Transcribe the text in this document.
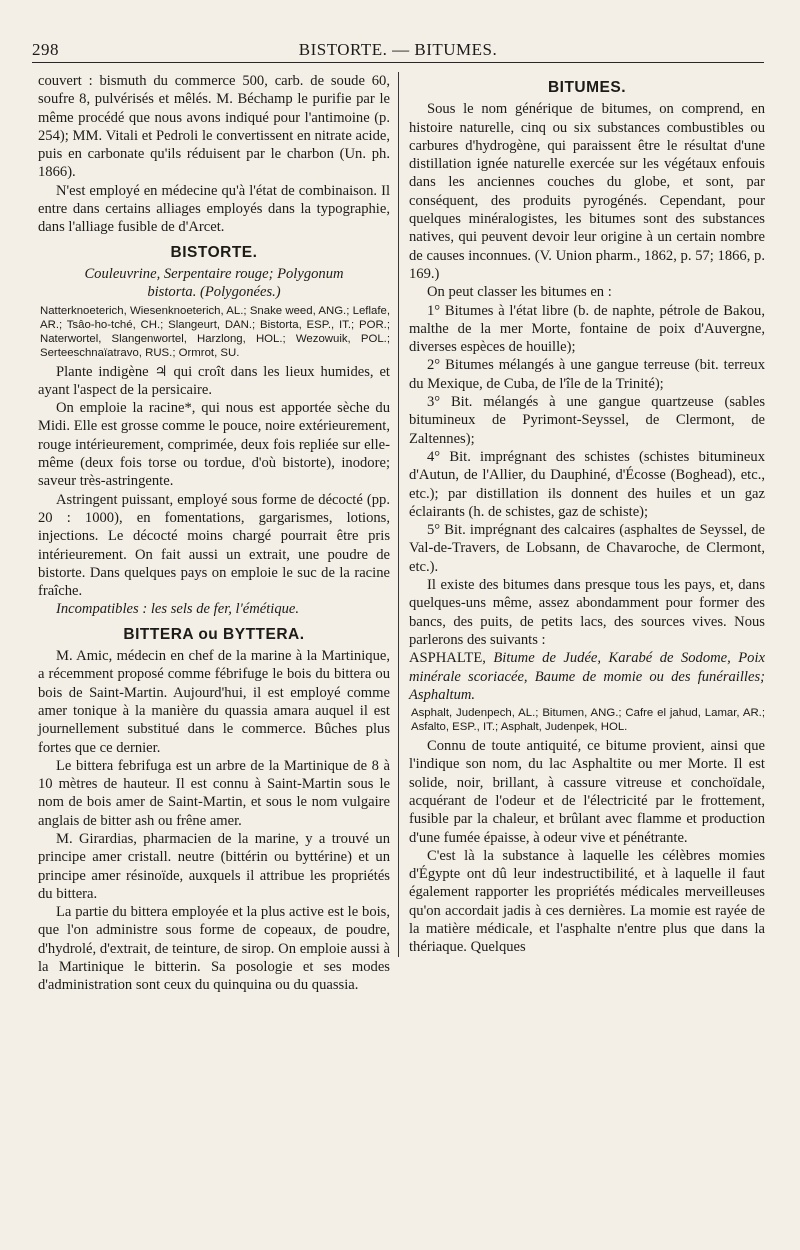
298	BISTORTE. — BITUMES.

couvert : bismuth du commerce 500, carb. de soude 60, soufre 8, pulvérisés et mêlés. M. Béchamp le purifie par le même procédé que nous avons indiqué pour l'antimoine (p. 254); MM. Vitali et Pedroli le convertissent en nitrate acide, puis en carbonate qu'ils réduisent par le charbon (Un. ph. 1866).

N'est employé en médecine qu'à l'état de combinaison. Il entre dans certains alliages employés dans la typographie, dans l'alliage fusible de d'Arcet.

BISTORTE.
Couleuvrine, Serpentaire rouge; Polygonum
bistorta. (Polygonées.)

Natterknoeterich, Wiesenknoeterich, AL.; Snake weed, ANG.; Leflafe, AR.; Tsâo-ho-tché, CH.; Slangeurt, DAN.; Bistorta, ESP., IT.; POR.; Naterwortel, Slangenwortel, Harzlong, HOL.; Wezowuik, POL.; Serteeschnaïatravo, RUS.; Ormrot, SU.

Plante indigène ♃ qui croît dans les lieux humides, et ayant l'aspect de la persicaire.

On emploie la racine*, qui nous est apportée sèche du Midi. Elle est grosse comme le pouce, noire extérieurement, rouge intérieurement, comprimée, deux fois repliée sur elle-même (deux fois torse ou tordue, d'où bistorte), inodore; saveur très-astringente.

Astringent puissant, employé sous forme de décocté (pp. 20 : 1000), en fomentations, gargarismes, lotions, injections. Le décocté moins chargé pourrait être pris intérieurement. On fait aussi un extrait, une poudre de bistorte. Dans quelques pays on emploie le suc de la racine fraîche.

Incompatibles : les sels de fer, l'émétique.

BITTERA ou BYTTERA.

M. Amic, médecin en chef de la marine à la Martinique, a récemment proposé comme fébrifuge le bois du bittera ou bois de Saint-Martin. Aujourd'hui, il est employé comme amer tonique à la manière du quassia amara auquel il est journellement substitué dans le commerce. Bûches plus fortes que ce dernier.

Le bittera febrifuga est un arbre de la Martinique de 8 à 10 mètres de hauteur. Il est connu à Saint-Martin sous le nom de bois amer de Saint-Martin, et sous le nom vulgaire anglais de bitter ash ou frêne amer.

M. Girardias, pharmacien de la marine, y a trouvé un principe amer cristall. neutre (bittérin ou byttérine) et un principe amer résinoïde, auxquels il attribue les propriétés du bittera.

La partie du bittera employée et la plus active est le bois, que l'on administre sous forme de copeaux, de poudre, d'hydrolé, d'extrait, de teinture, de sirop. On emploie aussi à la Martinique le bitterin. Sa posologie et ses modes d'administration sont ceux du quinquina ou du quassia.

BITUMES.

Sous le nom générique de bitumes, on comprend, en histoire naturelle, cinq ou six substances combustibles ou carbures d'hydrogène, qui paraissent être le résultat d'une distillation ignée naturelle exercée sur les végétaux enfouis dans les anciennes couches du globe, et sont, par conséquent, des produits pyrogénés. Cependant, pour quelques minéralogistes, les bitumes sont des substances natives, qui peuvent devoir leur origine à un certain nombre de causes inconnues. (V. Union pharm., 1862, p. 57; 1866, p. 169.)

On peut classer les bitumes en :

1° Bitumes à l'état libre (b. de naphte, pétrole de Bakou, malthe de la mer Morte, fontaine de poix d'Auvergne, diverses espèces de houille);

2° Bitumes mélangés à une gangue terreuse (bit. terreux du Mexique, de Cuba, de l'île de la Trinité);

3° Bit. mélangés à une gangue quartzeuse (sables bitumineux de Pyrimont-Seyssel, de Clermont, de Zaltennes);

4° Bit. imprégnant des schistes (schistes bitumineux d'Autun, de l'Allier, du Dauphiné, d'Écosse (Boghead), etc., etc.); par distillation ils donnent des huiles et un gaz éclairants (h. de schistes, gaz de schiste);

5° Bit. imprégnant des calcaires (asphaltes de Seyssel, de Val-de-Travers, de Lobsann, de Chavaroche, de Clermont, etc.).

Il existe des bitumes dans presque tous les pays, et, dans quelques-uns même, assez abondamment pour former des bancs, des puits, de petits lacs, des sources vives. Nous parlerons des suivants :

ASPHALTE, Bitume de Judée, Karabé de Sodome, Poix minérale scoriacée, Baume de momie ou des funérailles; Asphaltum.

Asphalt, Judenpech, AL.; Bitumen, ANG.; Cafre el jahud, Lamar, AR.; Asfalto, ESP., IT.; Asphalt, Judenpek, HOL.

Connu de toute antiquité, ce bitume provient, ainsi que l'indique son nom, du lac Asphaltite ou mer Morte. Il est solide, noir, brillant, à cassure vitreuse et conchoïdale, acquérant de l'odeur et de l'électricité par le frottement, fusible par la chaleur, et brûlant avec flamme et production d'une fumée épaisse, à odeur vive et pénétrante.

C'est là la substance à laquelle les célèbres momies d'Égypte ont dû leur indestructibilité, et à laquelle il faut également rapporter les propriétés médicales merveilleuses qu'on accordait jadis à ces dernières. La momie est rayée de la matière médicale, et l'asphalte n'entre plus que dans la thériaque. Quelques
